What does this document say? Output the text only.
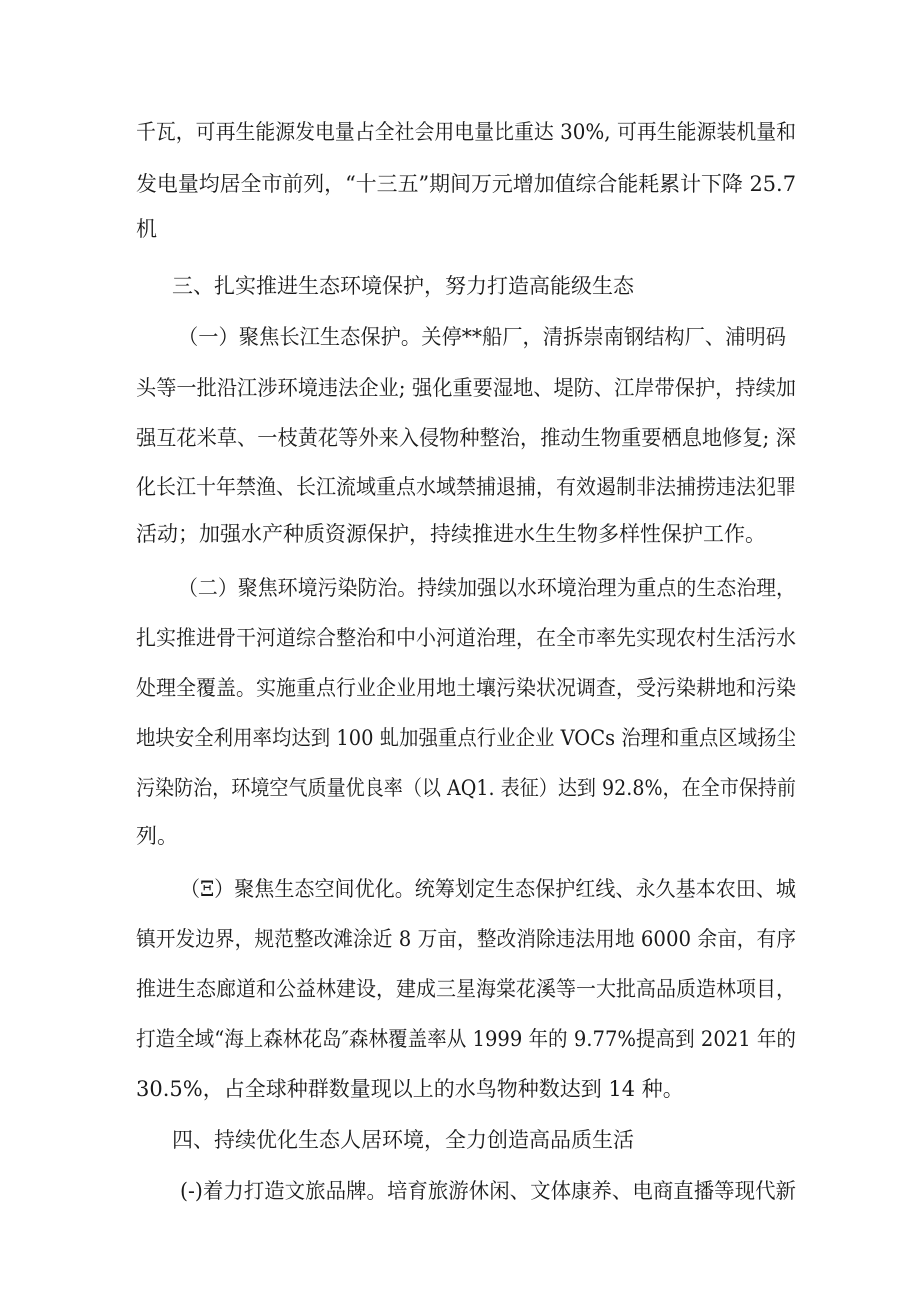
千瓦，可再生能源发电量占全社会用电量比重达 30%, 可再生能源装机量和
发电量均居全市前列，“十三五”期间万元增加值综合能耗累计下降 25.7
机
三、扎实推进生态环境保护，努力打造高能级生态
（一）聚焦长江生态保护。关停**船厂，清拆崇南钢结构厂、浦明码
头等一批沿江涉环境违法企业; 强化重要湿地、堤防、江岸带保护，持续加
强互花米草、一枝黄花等外来入侵物种整治，推动生物重要栖息地修复; 深
化长江十年禁渔、长江流域重点水域禁捕退捕，有效遏制非法捕捞违法犯罪
活动；加强水产种质资源保护，持续推进水生生物多样性保护工作。
（二）聚焦环境污染防治。持续加强以水环境治理为重点的生态治理，
扎实推进骨干河道综合整治和中小河道治理，在全市率先实现农村生活污水
处理全覆盖。实施重点行业企业用地土壤污染状况调查，受污染耕地和污染
地块安全利用率均达到 100 虬加强重点行业企业 VOCs 治理和重点区域扬尘
污染防治，环境空气质量优良率（以 AQ1. 表征）达到 92.8%，在全市保持前
列。
（Ξ）聚焦生态空间优化。统筹划定生态保护红线、永久基本农田、城
镇开发边界，规范整改滩涂近 8 万亩，整改消除违法用地 6000 余亩，有序
推进生态廊道和公益林建设，建成三星海棠花溪等一大批高品质造林项目，
打造全域“海上森林花岛″森林覆盖率从 1999 年的 9.77%提高到 2021 年的
30.5%，占全球种群数量现以上的水鸟物种数达到 14 种。
四、持续优化生态人居环境，全力创造高品质生活
(-)着力打造文旅品牌。培育旅游休闲、文体康养、电商直播等现代新
